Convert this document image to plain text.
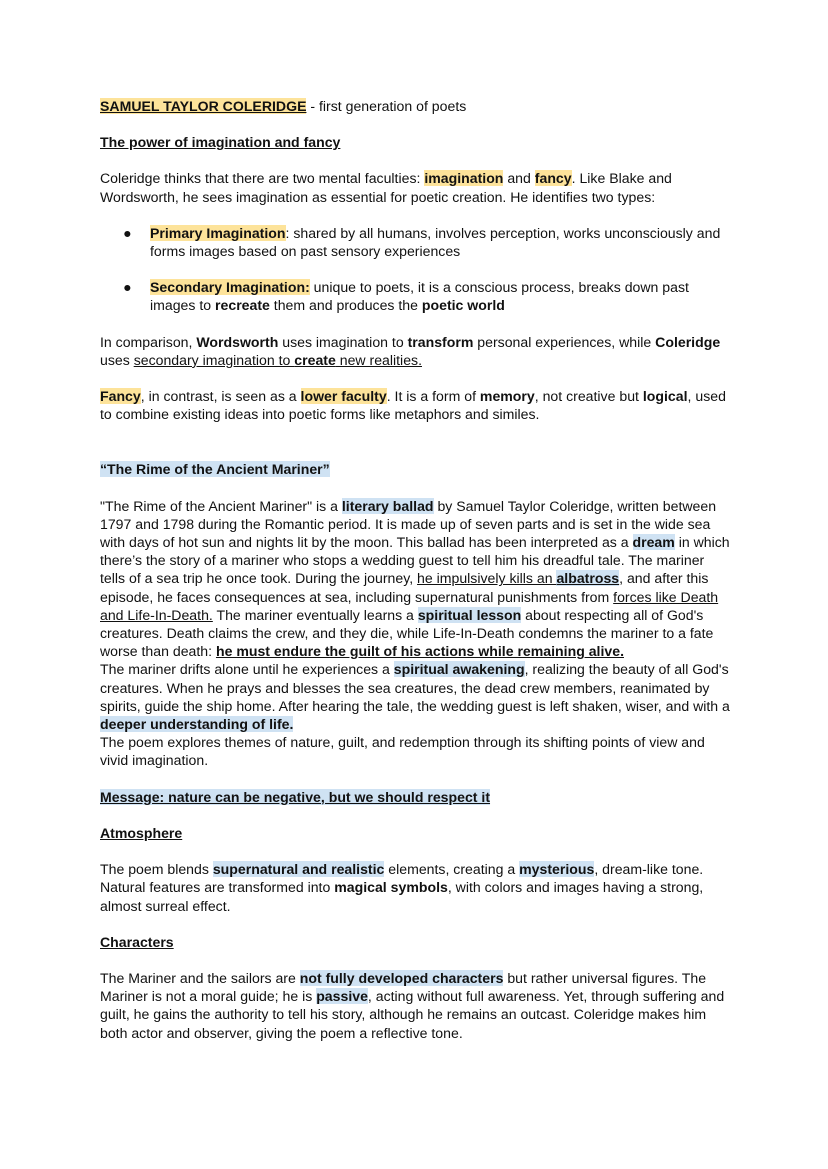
SAMUEL TAYLOR COLERIDGE - first generation of poets

The power of imagination and fancy

Coleridge thinks that there are two mental faculties: imagination and fancy. Like Blake and Wordsworth, he sees imagination as essential for poetic creation. He identifies two types:

● Primary Imagination: shared by all humans, involves perception, works unconsciously and forms images based on past sensory experiences
● Secondary Imagination: unique to poets, it is a conscious process, breaks down past images to recreate them and produces the poetic world

In comparison, Wordsworth uses imagination to transform personal experiences, while Coleridge uses secondary imagination to create new realities.

Fancy, in contrast, is seen as a lower faculty. It is a form of memory, not creative but logical, used to combine existing ideas into poetic forms like metaphors and similes.

“The Rime of the Ancient Mariner”

"The Rime of the Ancient Mariner" is a literary ballad by Samuel Taylor Coleridge, written between 1797 and 1798 during the Romantic period. It is made up of seven parts and is set in the wide sea with days of hot sun and nights lit by the moon. This ballad has been interpreted as a dream in which there’s the story of a mariner who stops a wedding guest to tell him his dreadful tale. The mariner tells of a sea trip he once took. During the journey, he impulsively kills an albatross, and after this episode, he faces consequences at sea, including supernatural punishments from forces like Death and Life-In-Death. The mariner eventually learns a spiritual lesson about respecting all of God's creatures. Death claims the crew, and they die, while Life-In-Death condemns the mariner to a fate worse than death: he must endure the guilt of his actions while remaining alive.

The mariner drifts alone until he experiences a spiritual awakening, realizing the beauty of all God's creatures. When he prays and blesses the sea creatures, the dead crew members, reanimated by spirits, guide the ship home. After hearing the tale, the wedding guest is left shaken, wiser, and with a deeper understanding of life.

The poem explores themes of nature, guilt, and redemption through its shifting points of view and vivid imagination.

Message: nature can be negative, but we should respect it

Atmosphere

The poem blends supernatural and realistic elements, creating a mysterious, dream-like tone. Natural features are transformed into magical symbols, with colors and images having a strong, almost surreal effect.

Characters

The Mariner and the sailors are not fully developed characters but rather universal figures. The Mariner is not a moral guide; he is passive, acting without full awareness. Yet, through suffering and guilt, he gains the authority to tell his story, although he remains an outcast. Coleridge makes him both actor and observer, giving the poem a reflective tone.
